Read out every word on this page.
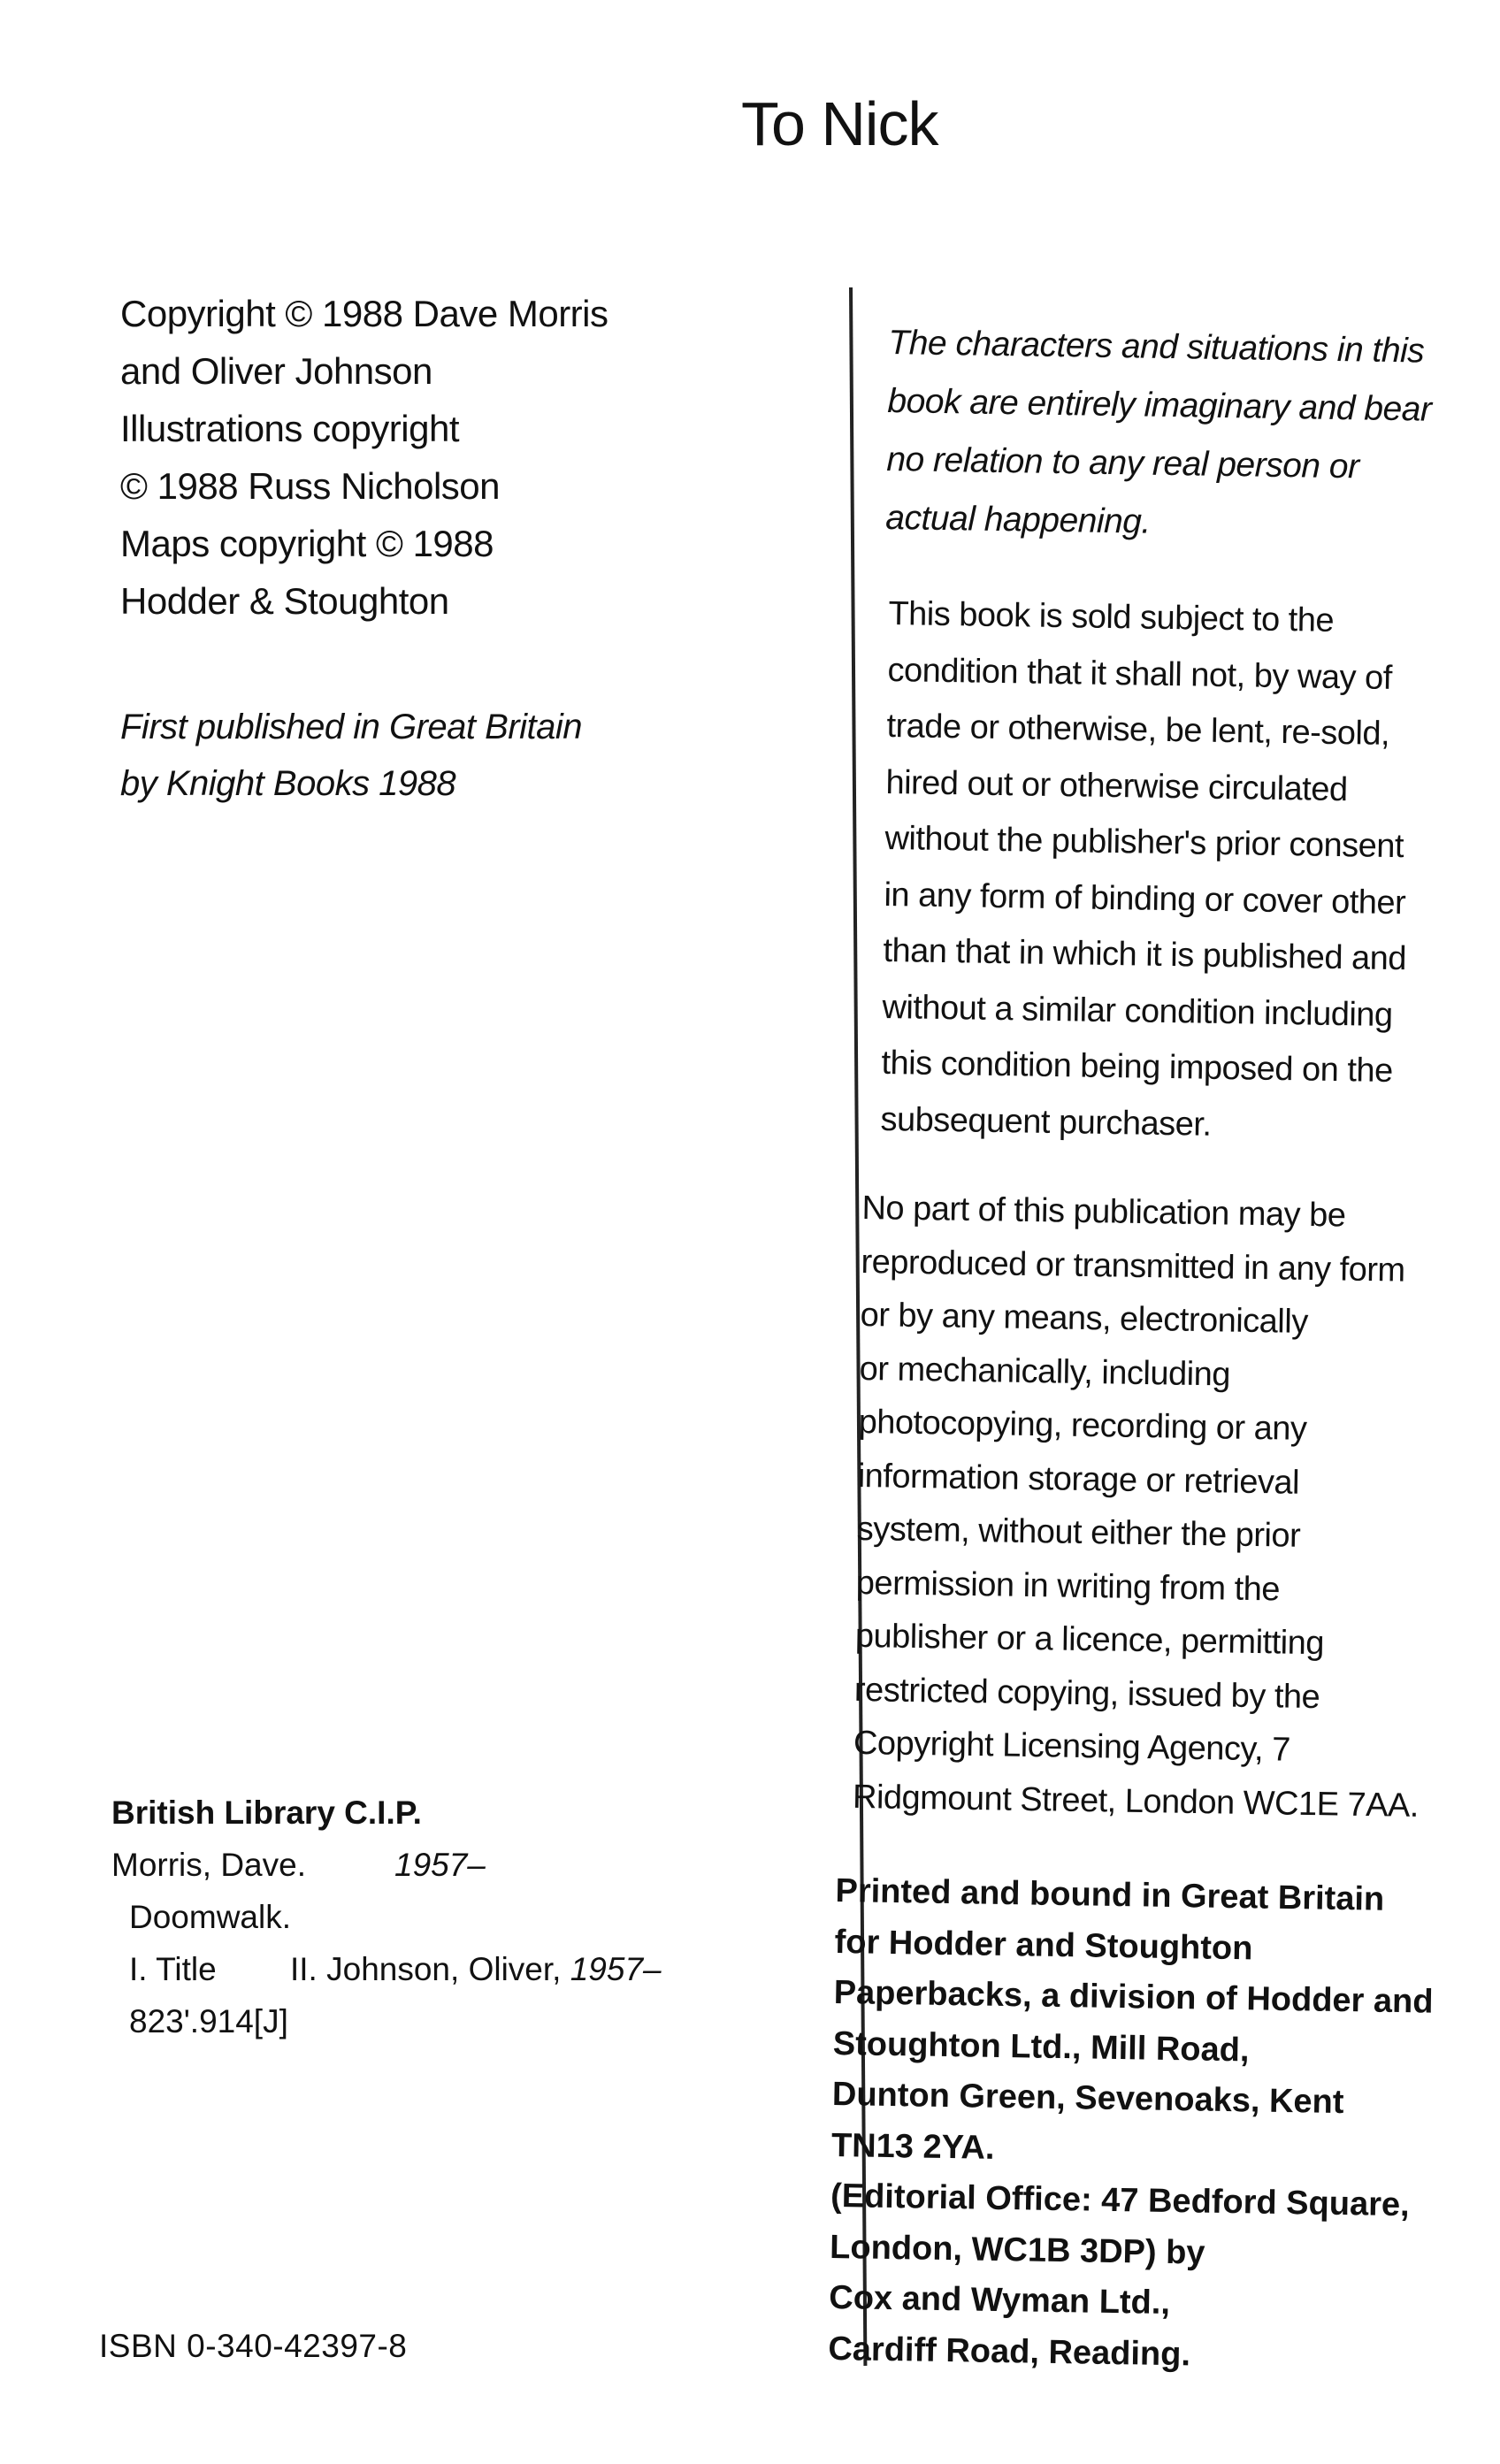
To Nick
Copyright © 1988 Dave Morris
and Oliver Johnson
Illustrations copyright
© 1988 Russ Nicholson
Maps copyright © 1988
Hodder & Stoughton
First published in Great Britain
by Knight Books 1988
British Library C.I.P.
Morris, Dave.	1957–
Doomwalk.
I. Title II. Johnson, Oliver, 1957–
823'.914[J]
ISBN 0-340-42397-8
The characters and situations in this
book are entirely imaginary and bear
no relation to any real person or
actual happening.
This book is sold subject to the
condition that it shall not, by way of
trade or otherwise, be lent, re-sold,
hired out or otherwise circulated
without the publisher's prior consent
in any form of binding or cover other
than that in which it is published and
without a similar condition including
this condition being imposed on the
subsequent purchaser.
No part of this publication may be
reproduced or transmitted in any form
or by any means, electronically
or mechanically, including
photocopying, recording or any
information storage or retrieval
system, without either the prior
permission in writing from the
publisher or a licence, permitting
restricted copying, issued by the
Copyright Licensing Agency, 7
Ridgmount Street, London WC1E 7AA.
Printed and bound in Great Britain
for Hodder and Stoughton
Paperbacks, a division of Hodder and
Stoughton Ltd., Mill Road,
Dunton Green, Sevenoaks, Kent
TN13 2YA.
(Editorial Office: 47 Bedford Square,
London, WC1B 3DP) by
Cox and Wyman Ltd.,
Cardiff Road, Reading.
